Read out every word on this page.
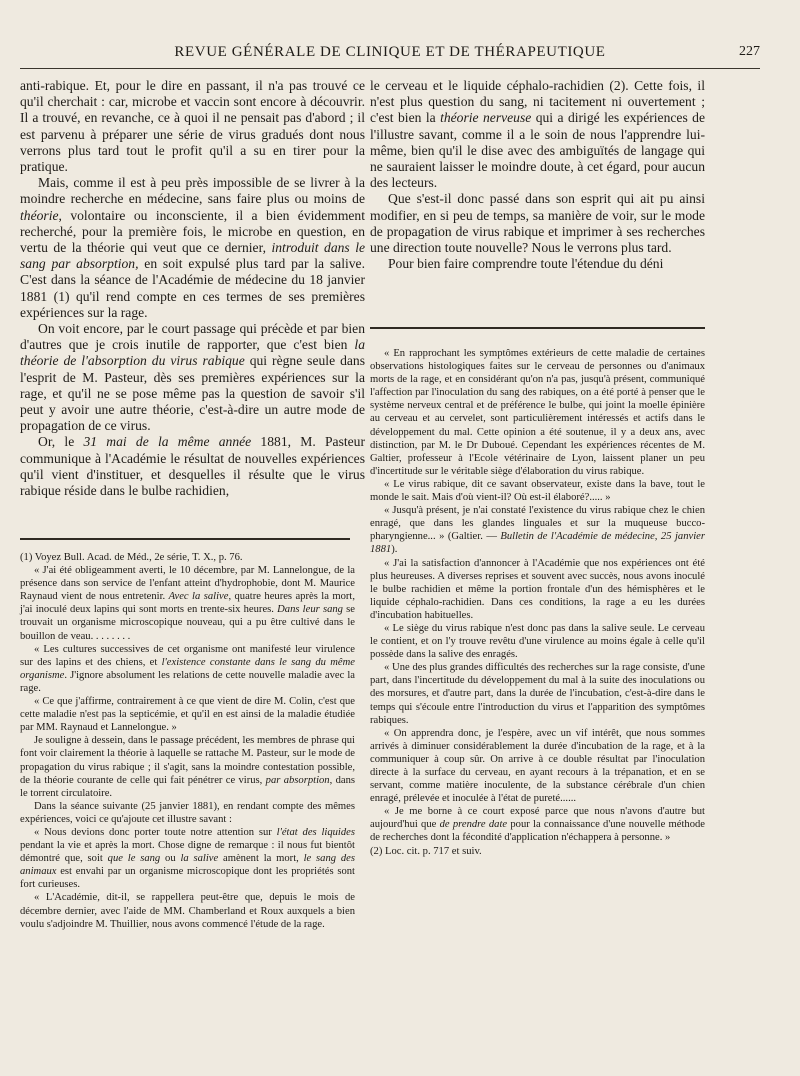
REVUE GÉNÉRALE DE CLINIQUE ET DE THÉRAPEUTIQUE	227

anti-rabique. Et, pour le dire en passant, il n'a pas trouvé ce qu'il cherchait : car, microbe et vaccin sont encore à découvrir. Il a trouvé, en revanche, ce à quoi il ne pensait pas d'abord ; il est parvenu à préparer une série de virus gradués dont nous verrons plus tard tout le profit qu'il a su en tirer pour la pratique.

Mais, comme il est à peu près impossible de se livrer à la moindre recherche en médecine, sans faire plus ou moins de théorie, volontaire ou inconsciente, il a bien évidemment recherché, pour la première fois, le microbe en question, en vertu de la théorie qui veut que ce dernier, introduit dans le sang par absorption, en soit expulsé plus tard par la salive. C'est dans la séance de l'Académie de médecine du 18 janvier 1881 (1) qu'il rend compte en ces termes de ses premières expériences sur la rage.

On voit encore, par le court passage qui précède et par bien d'autres que je crois inutile de rapporter, que c'est bien la théorie de l'absorption du virus rabique qui règne seule dans l'esprit de M. Pasteur, dès ses premières expériences sur la rage, et qu'il ne se pose même pas la question de savoir s'il peut y avoir une autre théorie, c'est-à-dire un autre mode de propagation de ce virus.

Or, le 31 mai de la même année 1881, M. Pasteur communique à l'Académie le résultat de nouvelles expériences qu'il vient d'instituer, et desquelles il résulte que le virus rabique réside dans le bulbe rachidien,

le cerveau et le liquide céphalo-rachidien (2). Cette fois, il n'est plus question du sang, ni tacitement ni ouvertement ; c'est bien la théorie nerveuse qui a dirigé les expériences de l'illustre savant, comme il a le soin de nous l'apprendre lui-même, bien qu'il le dise avec des ambiguïtés de langage qui ne sauraient laisser le moindre doute, à cet égard, pour aucun des lecteurs.

Que s'est-il donc passé dans son esprit qui ait pu ainsi modifier, en si peu de temps, sa manière de voir, sur le mode de propagation de virus rabique et imprimer à ses recherches une direction toute nouvelle? Nous le verrons plus tard.

Pour bien faire comprendre toute l'étendue du déni

(1) Voyez Bull. Acad. de Méd., 2e série, T. X., p. 76.

« J'ai été obligeamment averti, le 10 décembre, par M. Lannelongue, de la présence dans son service de l'enfant atteint d'hydrophobie, dont M. Maurice Raynaud vient de nous entretenir. Avec la salive, quatre heures après la mort, j'ai inoculé deux lapins qui sont morts en trente-six heures. Dans leur sang se trouvait un organisme microscopique nouveau, qui a pu être cultivé dans le bouillon de veau. . . . . . . .

« Les cultures successives de cet organisme ont manifesté leur virulence sur des lapins et des chiens, et l'existence constante dans le sang du même organisme. J'ignore absolument les relations de cette nouvelle maladie avec la rage.

« Ce que j'affirme, contrairement à ce que vient de dire M. Colin, c'est que cette maladie n'est pas la septicémie, et qu'il en est ainsi de la maladie étudiée par MM. Raynaud et Lannelongue. »

Je souligne à dessein, dans le passage précédent, les membres de phrase qui font voir clairement la théorie à laquelle se rattache M. Pasteur, sur le mode de propagation du virus rabique ; il s'agit, sans la moindre contestation possible, de la théorie courante de celle qui fait pénétrer ce virus, par absorption, dans le torrent circulatoire.

Dans la séance suivante (25 janvier 1881), en rendant compte des mêmes expériences, voici ce qu'ajoute cet illustre savant :

« Nous devions donc porter toute notre attention sur l'état des liquides pendant la vie et après la mort. Chose digne de remarque : il nous fut bientôt démontré que, soit que le sang ou la salive amènent la mort, le sang des animaux est envahi par un organisme microscopique dont les propriétés sont fort curieuses.

« L'Académie, dit-il, se rappellera peut-être que, depuis le mois de décembre dernier, avec l'aide de MM. Chamberland et Roux auxquels a bien voulu s'adjoindre M. Thuillier, nous avons commencé l'étude de la rage.

« En rapprochant les symptômes extérieurs de cette maladie de certaines observations histologiques faites sur le cerveau de personnes ou d'animaux morts de la rage, et en considérant qu'on n'a pas, jusqu'à présent, communiqué l'affection par l'inoculation du sang des rabiques, on a été porté à penser que le système nerveux central et de préférence le bulbe, qui joint la moelle épinière au cerveau et au cervelet, sont particulièrement intéressés et actifs dans le développement du mal. Cette opinion a été soutenue, il y a deux ans, avec distinction, par M. le Dr Duboué. Cependant les expériences récentes de M. Galtier, professeur à l'Ecole vétérinaire de Lyon, laissent planer un peu d'incertitude sur le véritable siège d'élaboration du virus rabique.

« Le virus rabique, dit ce savant observateur, existe dans la bave, tout le monde le sait. Mais d'où vient-il? Où est-il élaboré?..... »

« Jusqu'à présent, je n'ai constaté l'existence du virus rabique chez le chien enragé, que dans les glandes linguales et sur la muqueuse bucco-pharyngienne... » (Galtier. — Bulletin de l'Académie de médecine, 25 janvier 1881).

« J'ai la satisfaction d'annoncer à l'Académie que nos expériences ont été plus heureuses. A diverses reprises et souvent avec succès, nous avons inoculé le bulbe rachidien et même la portion frontale d'un des hémisphères et le liquide céphalo-rachidien. Dans ces conditions, la rage a eu les durées d'incubation habituelles.

« Le siège du virus rabique n'est donc pas dans la salive seule. Le cerveau le contient, et on l'y trouve revêtu d'une virulence au moins égale à celle qu'il possède dans la salive des enragés.

« Une des plus grandes difficultés des recherches sur la rage consiste, d'une part, dans l'incertitude du développement du mal à la suite des inoculations ou des morsures, et d'autre part, dans la durée de l'incubation, c'est-à-dire dans le temps qui s'écoule entre l'introduction du virus et l'apparition des symptômes rabiques.

« On apprendra donc, je l'espère, avec un vif intérêt, que nous sommes arrivés à diminuer considérablement la durée d'incubation de la rage, et à la communiquer à coup sûr. On arrive à ce double résultat par l'inoculation directe à la surface du cerveau, en ayant recours à la trépanation, et en se servant, comme matière inoculente, de la substance cérébrale d'un chien enragé, prélevée et inoculée à l'état de pureté......

« Je me borne à ce court exposé parce que nous n'avons d'autre but aujourd'hui que de prendre date pour la connaissance d'une nouvelle méthode de recherches dont la fécondité d'application n'échappera à personne. »

(2) Loc. cit. p. 717 et suiv.
